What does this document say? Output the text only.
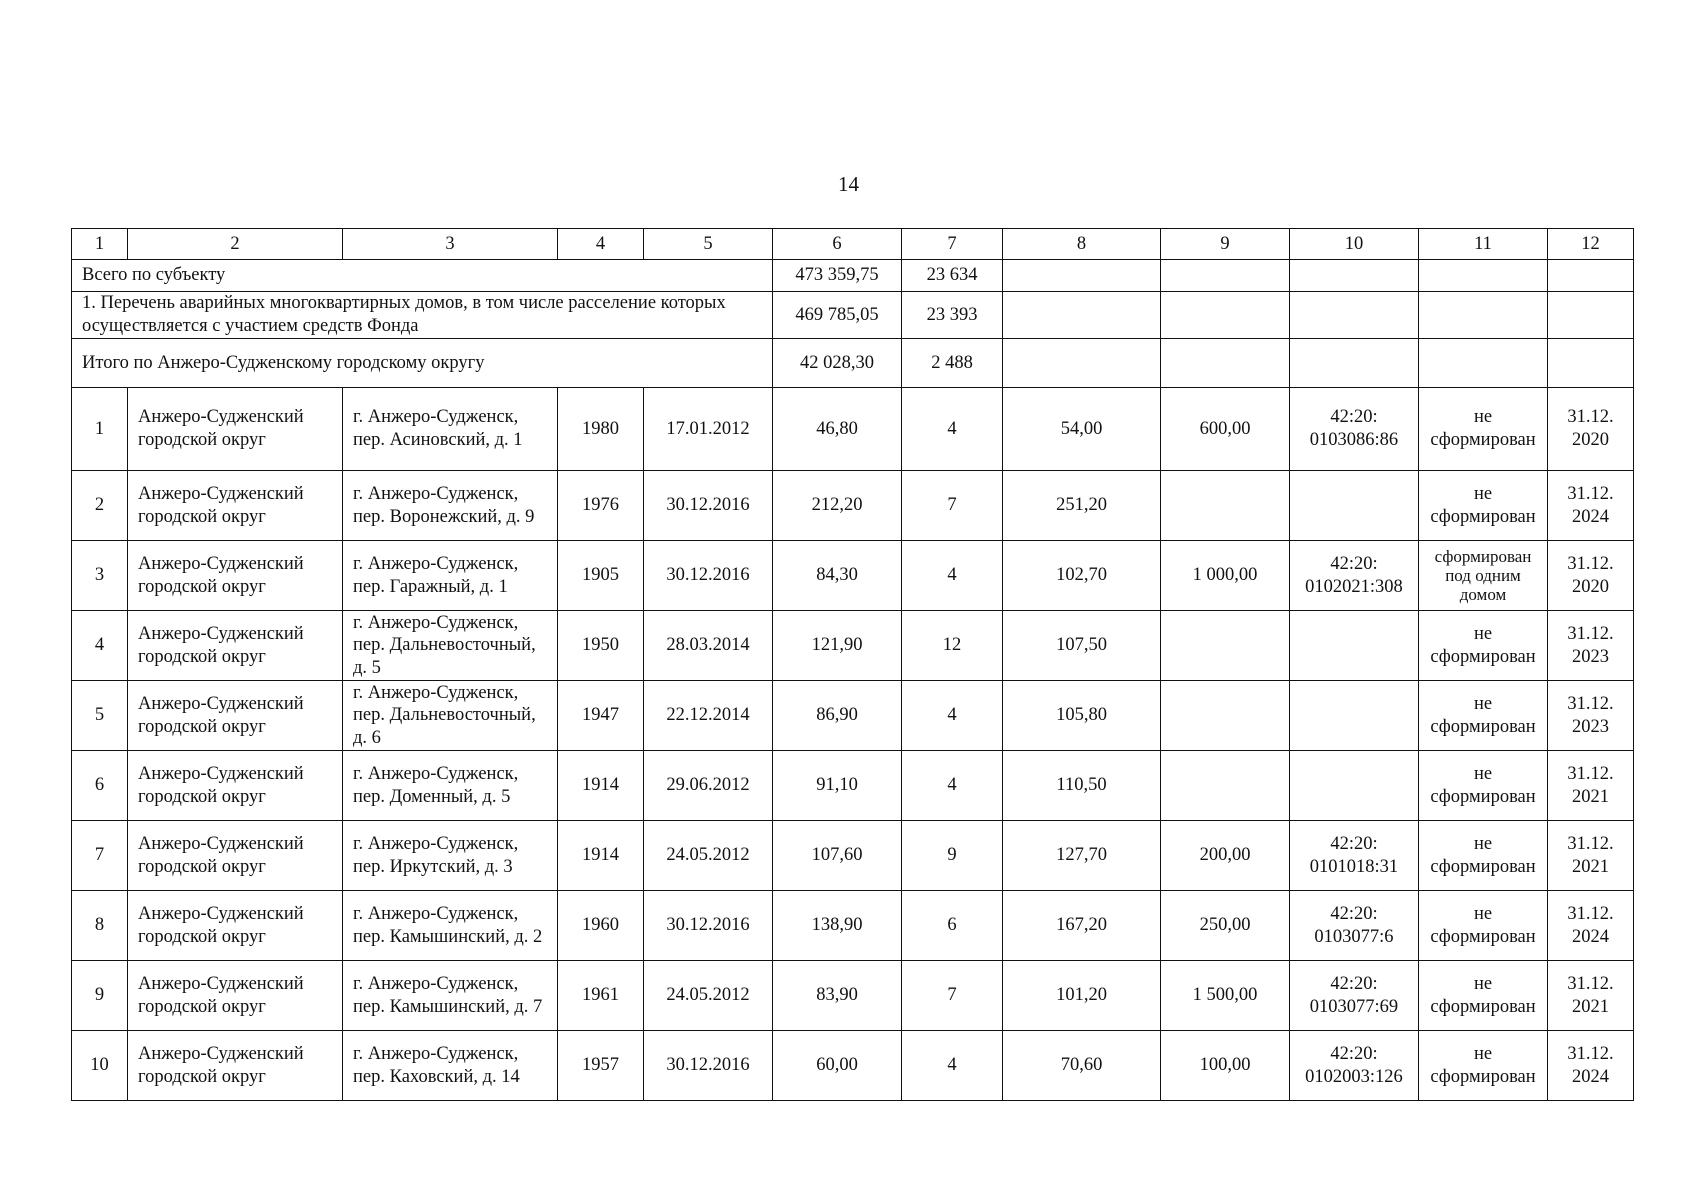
14
1	2	3	4	5	6	7	8	9	10	11	12
Всего по субъекту					473 359,75	23 634					
1. Перечень аварийных многоквартирных домов, в том числе расселение которых осуществляется с участием средств Фонда					469 785,05	23 393					
Итого по Анжеро-Судженскому городскому округу					42 028,30	2 488					
1	Анжеро-Судженский городской округ	г. Анжеро-Судженск, пер. Асиновский, д. 1	1980	17.01.2012	46,80	4	54,00	600,00	42:20: 0103086:86	не сформирован	31.12. 2020
2	Анжеро-Судженский городской округ	г. Анжеро-Судженск, пер. Воронежский, д. 9	1976	30.12.2016	212,20	7	251,20			не сформирован	31.12. 2024
3	Анжеро-Судженский городской округ	г. Анжеро-Судженск, пер. Гаражный, д. 1	1905	30.12.2016	84,30	4	102,70	1 000,00	42:20: 0102021:308	сформирован под одним домом	31.12. 2020
4	Анжеро-Судженский городской округ	г. Анжеро-Судженск, пер. Дальневосточный, д. 5	1950	28.03.2014	121,90	12	107,50			не сформирован	31.12. 2023
5	Анжеро-Судженский городской округ	г. Анжеро-Судженск, пер. Дальневосточный, д. 6	1947	22.12.2014	86,90	4	105,80			не сформирован	31.12. 2023
6	Анжеро-Судженский городской округ	г. Анжеро-Судженск, пер. Доменный, д. 5	1914	29.06.2012	91,10	4	110,50			не сформирован	31.12. 2021
7	Анжеро-Судженский городской округ	г. Анжеро-Судженск, пер. Иркутский, д. 3	1914	24.05.2012	107,60	9	127,70	200,00	42:20: 0101018:31	не сформирован	31.12. 2021
8	Анжеро-Судженский городской округ	г. Анжеро-Судженск, пер. Камышинский, д. 2	1960	30.12.2016	138,90	6	167,20	250,00	42:20: 0103077:6	не сформирован	31.12. 2024
9	Анжеро-Судженский городской округ	г. Анжеро-Судженск, пер. Камышинский, д. 7	1961	24.05.2012	83,90	7	101,20	1 500,00	42:20: 0103077:69	не сформирован	31.12. 2021
10	Анжеро-Судженский городской округ	г. Анжеро-Судженск, пер. Каховский, д. 14	1957	30.12.2016	60,00	4	70,60	100,00	42:20: 0102003:126	не сформирован	31.12. 2024
